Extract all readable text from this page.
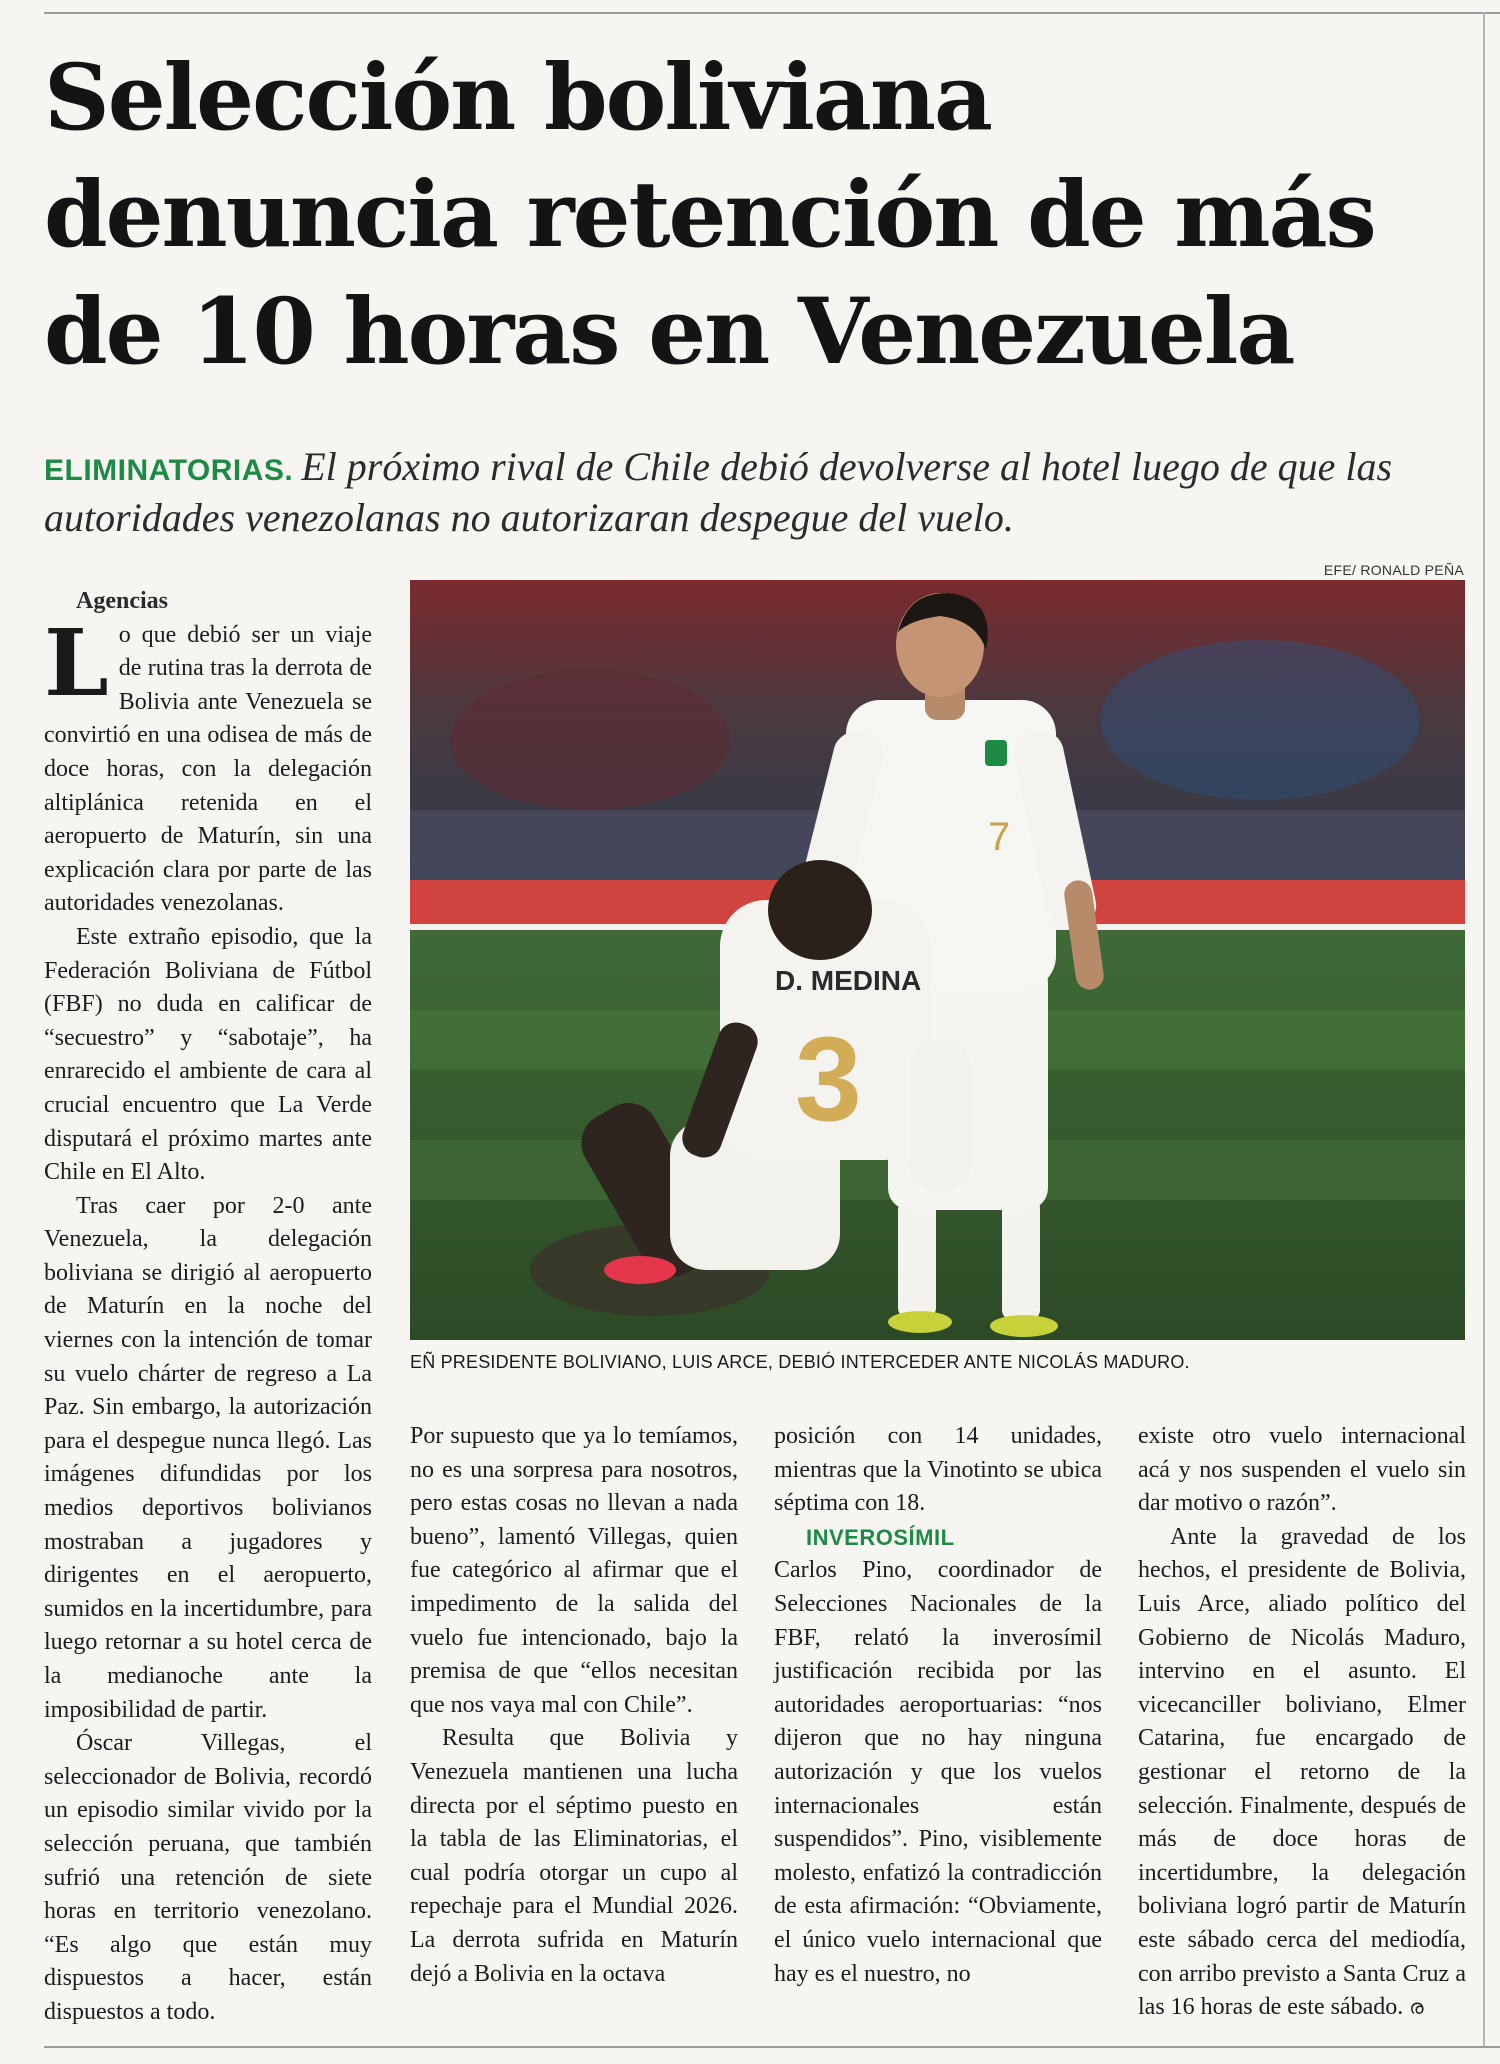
Selección boliviana denuncia retención de más de 10 horas en Venezuela

ELIMINATORIAS. El próximo rival de Chile debió devolverse al hotel luego de que las autoridades venezolanas no autorizaran despegue del vuelo.

EFE/ RONALD PEÑA
7
D. MEDINA
3
EÑ PRESIDENTE BOLIVIANO, LUIS ARCE, DEBIÓ INTERCEDER ANTE NICOLÁS MADURO.

Agencias

Lo que debió ser un viaje de rutina tras la derrota de Bolivia ante Venezuela se convirtió en una odisea de más de doce horas, con la delegación altiplánica retenida en el aeropuerto de Maturín, sin una explicación clara por parte de las autoridades venezolanas.

Este extraño episodio, que la Federación Boliviana de Fútbol (FBF) no duda en calificar de “secuestro” y “sabotaje”, ha enrarecido el ambiente de cara al crucial encuentro que La Verde disputará el próximo martes ante Chile en El Alto.

Tras caer por 2-0 ante Venezuela, la delegación boliviana se dirigió al aeropuerto de Maturín en la noche del viernes con la intención de tomar su vuelo chárter de regreso a La Paz. Sin embargo, la autorización para el despegue nunca llegó. Las imágenes difundidas por los medios deportivos bolivianos mostraban a jugadores y dirigentes en el aeropuerto, sumidos en la incertidumbre, para luego retornar a su hotel cerca de la medianoche ante la imposibilidad de partir.

Óscar Villegas, el seleccionador de Bolivia, recordó un episodio similar vivido por la selección peruana, que también sufrió una retención de siete horas en territorio venezolano. “Es algo que están muy dispuestos a hacer, están dispuestos a todo.

Por supuesto que ya lo temíamos, no es una sorpresa para nosotros, pero estas cosas no llevan a nada bueno”, lamentó Villegas, quien fue categórico al afirmar que el impedimento de la salida del vuelo fue intencionado, bajo la premisa de que “ellos necesitan que nos vaya mal con Chile”.

Resulta que Bolivia y Venezuela mantienen una lucha directa por el séptimo puesto en la tabla de las Eliminatorias, el cual podría otorgar un cupo al repechaje para el Mundial 2026. La derrota sufrida en Maturín dejó a Bolivia en la octava

posición con 14 unidades, mientras que la Vinotinto se ubica séptima con 18.

INVEROSÍMIL

Carlos Pino, coordinador de Selecciones Nacionales de la FBF, relató la inverosímil justificación recibida por las autoridades aeroportuarias: “nos dijeron que no hay ninguna autorización y que los vuelos internacionales están suspendidos”. Pino, visiblemente molesto, enfatizó la contradicción de esta afirmación: “Obviamente, el único vuelo internacional que hay es el nuestro, no

existe otro vuelo internacional acá y nos suspenden el vuelo sin dar motivo o razón”.

Ante la gravedad de los hechos, el presidente de Bolivia, Luis Arce, aliado político del Gobierno de Nicolás Maduro, intervino en el asunto. El vicecanciller boliviano, Elmer Catarina, fue encargado de gestionar el retorno de la selección. Finalmente, después de más de doce horas de incertidumbre, la delegación boliviana logró partir de Maturín este sábado cerca del mediodía, con arribo previsto a Santa Cruz a las 16 horas de este sábado. ര
